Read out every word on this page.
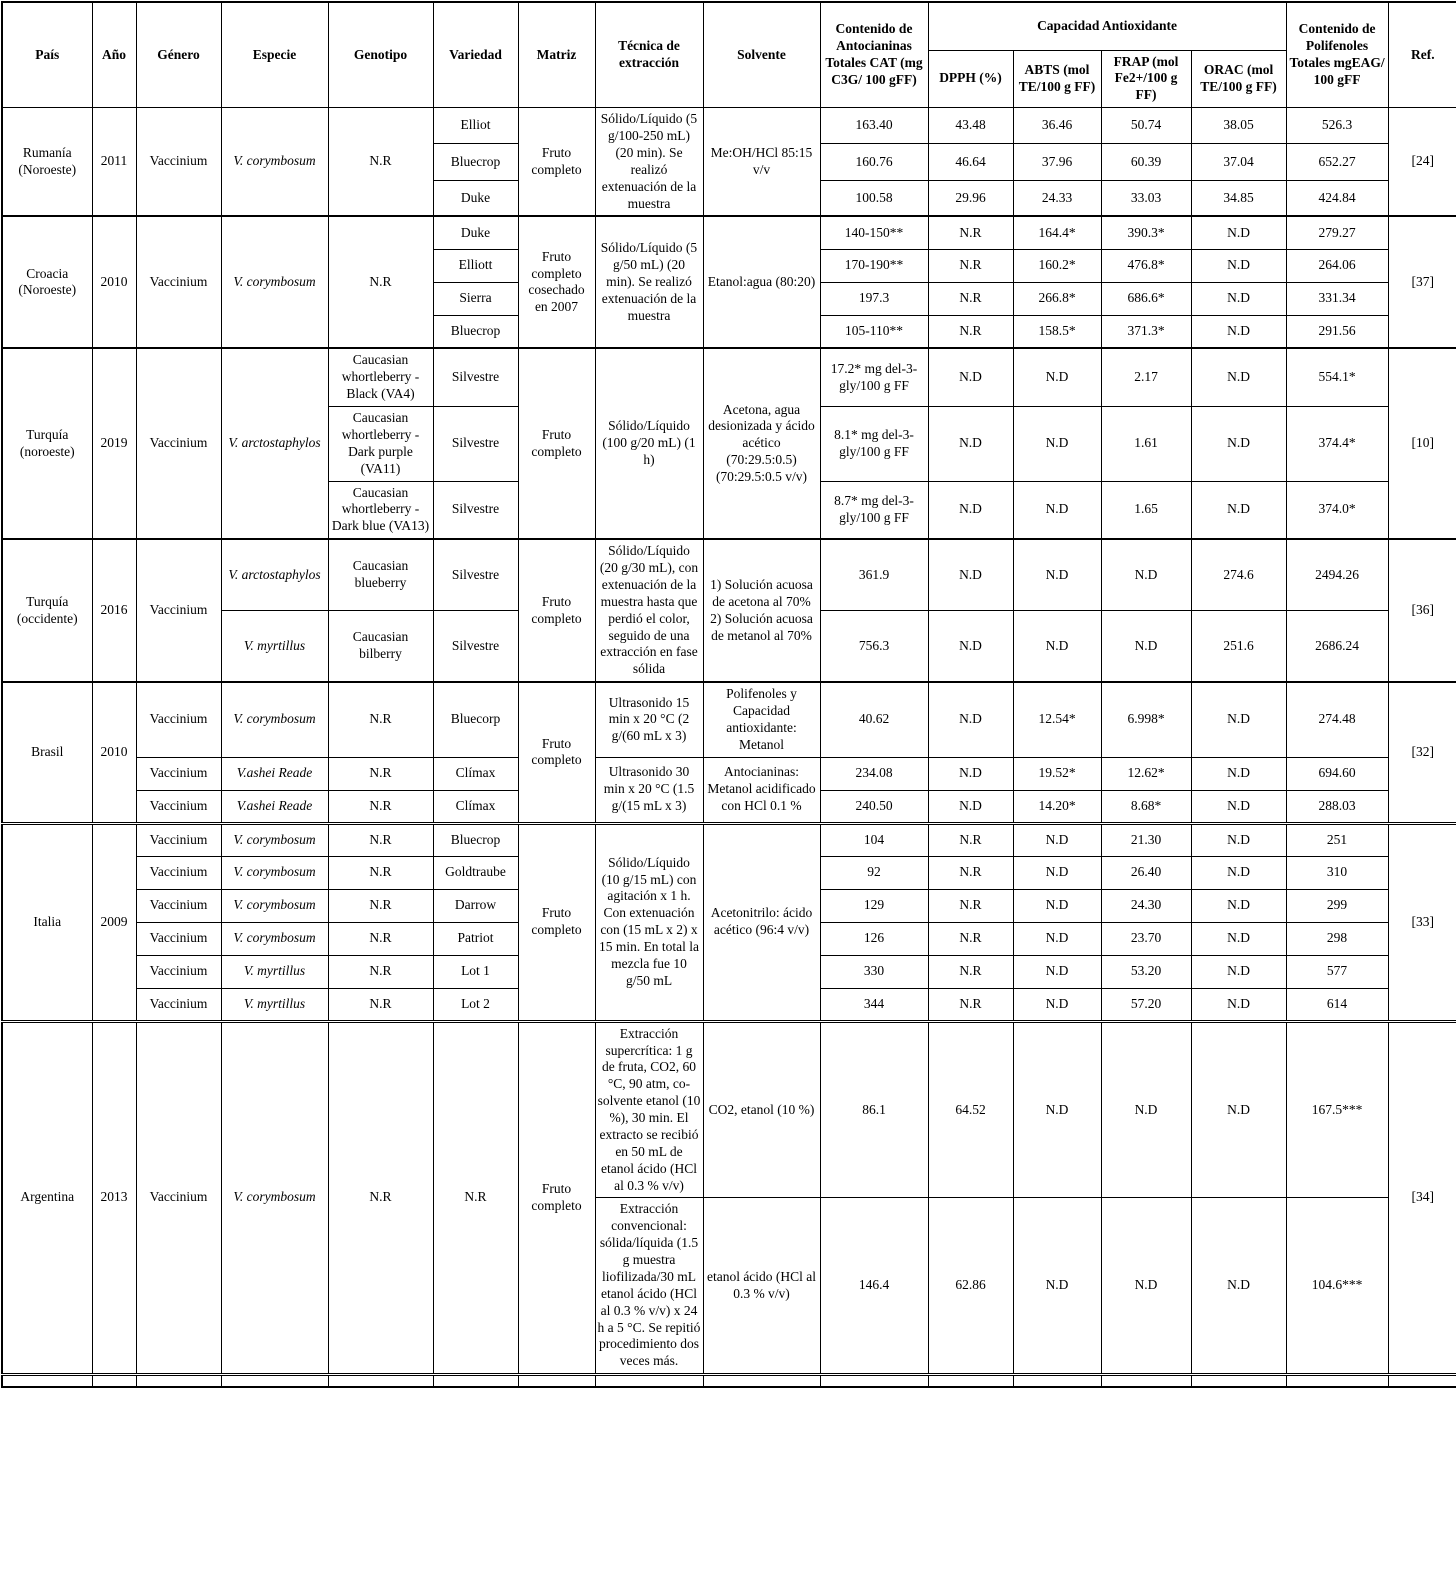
País	Año	Género	Especie	Genotipo	Variedad	Matriz	Técnica de extracción	Solvente	Contenido de Antocianinas Totales CAT (mg C3G/ 100 gFF)	Capacidad Antioxidante				Contenido de Polifenoles Totales mgEAG/ 100 gFF	Ref.
										DPPH (%)	ABTS (mol TE/100 g FF)	FRAP (mol Fe2+/100 g FF)	ORAC (mol TE/100 g FF)		
Rumanía (Noroeste)	2011	Vaccinium	V. corymbosum	N.R	Elliot	Fruto completo	Sólido/Líquido (5 g/100-250 mL) (20 min). Se realizó extenuación de la muestra	Me:OH/HCl 85:15 v/v	163.40	43.48	36.46	50.74	38.05	526.3	[24]
					Bluecrop				160.76	46.64	37.96	60.39	37.04	652.27	
					Duke				100.58	29.96	24.33	33.03	34.85	424.84	
Croacia (Noroeste)	2010	Vaccinium	V. corymbosum	N.R	Duke	Fruto completo cosechado en 2007	Sólido/Líquido (5 g/50 mL) (20 min). Se realizó extenuación de la muestra	Etanol:agua (80:20)	140-150**	N.R	164.4*	390.3*	N.D	279.27	[37]
					Elliott				170-190**	N.R	160.2*	476.8*	N.D	264.06	
					Sierra				197.3	N.R	266.8*	686.6*	N.D	331.34	
					Bluecrop				105-110**	N.R	158.5*	371.3*	N.D	291.56	
Turquía (noroeste)	2019	Vaccinium	V. arctostaphylos	Caucasian whortleberry - Black (VA4)	Silvestre	Fruto completo	Sólido/Líquido (100 g/20 mL) (1 h)	Acetona, agua desionizada y ácido acético (70:29.5:0.5) (70:29.5:0.5 v/v)	17.2* mg del-3-gly/100 g FF	N.D	N.D	2.17	N.D	554.1*	[10]
				Caucasian whortleberry - Dark purple (VA11)	Silvestre				8.1* mg del-3-gly/100 g FF	N.D	N.D	1.61	N.D	374.4*	
				Caucasian whortleberry - Dark blue (VA13)	Silvestre				8.7* mg del-3-gly/100 g FF	N.D	N.D	1.65	N.D	374.0*	
Turquía (occidente)	2016	Vaccinium	V. arctostaphylos	Caucasian blueberry	Silvestre	Fruto completo	Sólido/Líquido (20 g/30 mL), con extenuación de la muestra hasta que perdió el color, seguido de una extracción en fase sólida	1) Solución acuosa de acetona al 70% 2) Solución acuosa de metanol al 70%	361.9	N.D	N.D	N.D	274.6	2494.26	[36]
			V. myrtillus	Caucasian bilberry	Silvestre				756.3	N.D	N.D	N.D	251.6	2686.24	
Brasil	2010	Vaccinium	V. corymbosum	N.R	Bluecorp	Fruto completo	Ultrasonido 15 min x 20 °C (2 g/(60 mL x 3)	Polifenoles y Capacidad antioxidante: Metanol	40.62	N.D	12.54*	6.998*	N.D	274.48	[32]
		Vaccinium	V.ashei Reade	N.R	Clímax		Ultrasonido 30 min x 20 °C (1.5 g/(15 mL x 3)	Antocianinas: Metanol acidificado con HCl 0.1 %	234.08	N.D	19.52*	12.62*	N.D	694.60	
		Vaccinium	V.ashei Reade	N.R	Clímax				240.50	N.D	14.20*	8.68*	N.D	288.03	
Italia	2009	Vaccinium	V. corymbosum	N.R	Bluecrop	Fruto completo	Sólido/Líquido (10 g/15 mL) con agitación x 1 h. Con extenuación con (15 mL x 2) x 15 min. En total la mezcla fue 10 g/50 mL	Acetonitrilo: ácido acético (96:4 v/v)	104	N.R	N.D	21.30	N.D	251	[33]
		Vaccinium	V. corymbosum	N.R	Goldtraube				92	N.R	N.D	26.40	N.D	310	
		Vaccinium	V. corymbosum	N.R	Darrow				129	N.R	N.D	24.30	N.D	299	
		Vaccinium	V. corymbosum	N.R	Patriot				126	N.R	N.D	23.70	N.D	298	
		Vaccinium	V. myrtillus	N.R	Lot 1				330	N.R	N.D	53.20	N.D	577	
		Vaccinium	V. myrtillus	N.R	Lot 2				344	N.R	N.D	57.20	N.D	614	
Argentina	2013	Vaccinium	V. corymbosum	N.R	N.R	Fruto completo	Extracción supercrítica: 1 g de fruta, CO2, 60 °C, 90 atm, co-solvente etanol (10 %), 30 min. El extracto se recibió en 50 mL de etanol ácido (HCl al 0.3 % v/v)	CO2, etanol (10 %)	86.1	64.52	N.D	N.D	N.D	167.5***	[34]
							Extracción convencional: sólida/líquida (1.5 g muestra liofilizada/30 mL etanol ácido (HCl al 0.3 % v/v) x 24 h a 5 °C. Se repitió procedimiento dos veces más.	etanol ácido (HCl al 0.3 % v/v)	146.4	62.86	N.D	N.D	N.D	104.6***	
